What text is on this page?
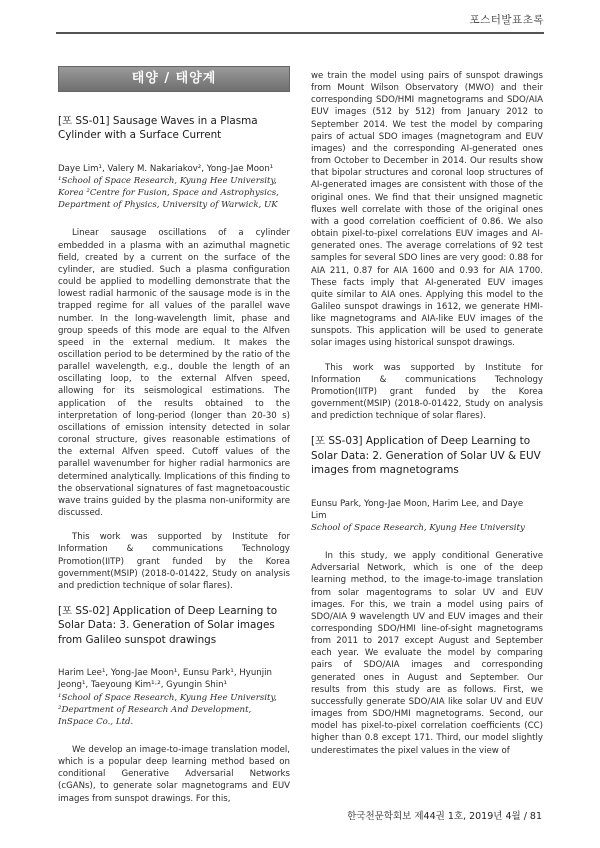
포스터발표초록
태양 / 태양계
[포 SS-01] Sausage Waves in a Plasma Cylinder with a Surface Current
Daye Lim¹, Valery M. Nakariakov², Yong-Jae Moon¹
¹School of Space Research, Kyung Hee University,
Korea ²Centre for Fusion, Space and Astrophysics,
Department of Physics, University of Warwick, UK

Linear sausage oscillations of a cylinder embedded in a plasma with an azimuthal magnetic field, created by a current on the surface of the cylinder, are studied. Such a plasma configuration could be applied to modelling demonstrate that the lowest radial harmonic of the sausage mode is in the trapped regime for all values of the parallel wave number. In the long-wavelength limit, phase and group speeds of this mode are equal to the Alfven speed in the external medium. It makes the oscillation period to be determined by the ratio of the parallel wavelength, e.g., double the length of an oscillating loop, to the external Alfven speed, allowing for its seismological estimations. The application of the results obtained to the interpretation of long-period (longer than 20-30 s) oscillations of emission intensity detected in solar coronal structure, gives reasonable estimations of the external Alfven speed. Cutoff values of the parallel wavenumber for higher radial harmonics are determined analytically. Implications of this finding to the observational signatures of fast magnetoacoustic wave trains guided by the plasma non-uniformity are discussed.

This work was supported by Institute for Information & communications Technology Promotion(IITP) grant funded by the Korea government(MSIP) (2018-0-01422, Study on analysis and prediction technique of solar flares).

[포 SS-02] Application of Deep Learning to Solar Data: 3. Generation of Solar images from Galileo sunspot drawings
Harim Lee¹, Yong-Jae Moon¹, Eunsu Park¹, Hyunjin
Jeong¹, Taeyoung Kim¹·², Gyungin Shin¹
¹School of Space Research, Kyung Hee University,
²Department of Research And Development,
InSpace Co., Ltd.

We develop an image-to-image translation model, which is a popular deep learning method based on conditional Generative Adversarial Networks (cGANs), to generate solar magnetograms and EUV images from sunspot drawings. For this,

we train the model using pairs of sunspot drawings from Mount Wilson Observatory (MWO) and their corresponding SDO/HMI magnetograms and SDO/AIA EUV images (512 by 512) from January 2012 to September 2014. We test the model by comparing pairs of actual SDO images (magnetogram and EUV images) and the corresponding AI-generated ones from October to December in 2014. Our results show that bipolar structures and coronal loop structures of AI-generated images are consistent with those of the original ones. We find that their unsigned magnetic fluxes well correlate with those of the original ones with a good correlation coefficient of 0.86. We also obtain pixel-to-pixel correlations EUV images and AI-generated ones. The average correlations of 92 test samples for several SDO lines are very good: 0.88 for AIA 211, 0.87 for AIA 1600 and 0.93 for AIA 1700. These facts imply that AI-generated EUV images quite similar to AIA ones. Applying this model to the Galileo sunspot drawings in 1612, we generate HMI-like magnetograms and AIA-like EUV images of the sunspots. This application will be used to generate solar images using historical sunspot drawings.

This work was supported by Institute for Information & communications Technology Promotion(IITP) grant funded by the Korea government(MSIP) (2018-0-01422, Study on analysis and prediction technique of solar flares).

[포 SS-03] Application of Deep Learning to Solar Data: 2. Generation of Solar UV & EUV images from magnetograms
Eunsu Park, Yong-Jae Moon, Harim Lee, and Daye
Lim
School of Space Research, Kyung Hee University

In this study, we apply conditional Generative Adversarial Network, which is one of the deep learning method, to the image-to-image translation from solar magentograms to solar UV and EUV images. For this, we train a model using pairs of SDO/AIA 9 wavelength UV and EUV images and their corresponding SDO/HMI line-of-sight magnetograms from 2011 to 2017 except August and September each year. We evaluate the model by comparing pairs of SDO/AIA images and corresponding generated ones in August and September. Our results from this study are as follows. First, we successfully generate SDO/AIA like solar UV and EUV images from SDO/HMI magnetograms. Second, our model has pixel-to-pixel correlation coefficients (CC) higher than 0.8 except 171. Third, our model slightly underestimates the pixel values in the view of

한국천문학회보 제44권 1호, 2019년 4월 / 81
